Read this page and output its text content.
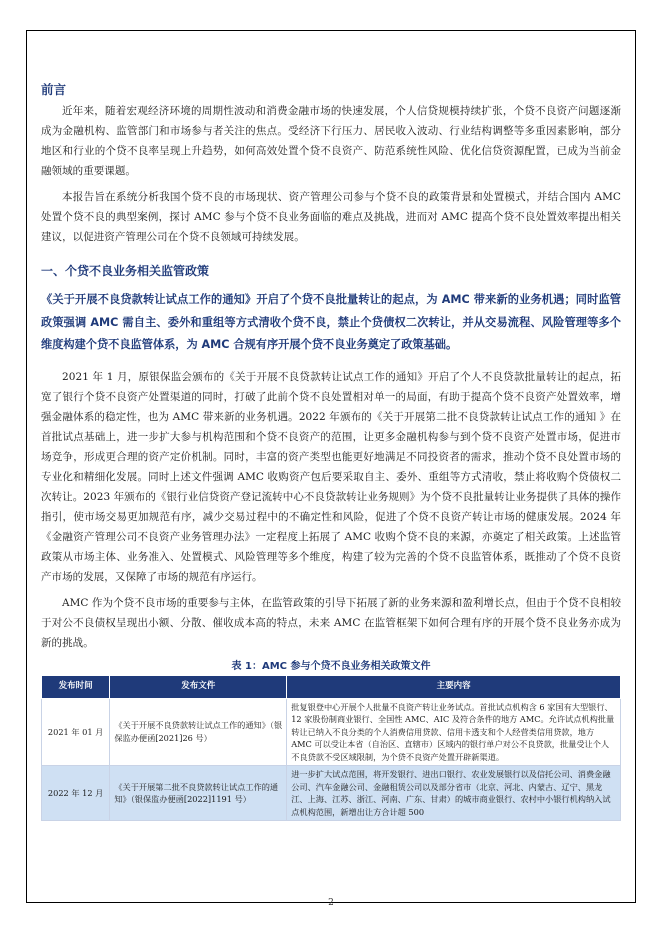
前言

近年来，随着宏观经济环境的周期性波动和消费金融市场的快速发展，个人信贷规模持续扩张，个贷不良资产问题逐渐成为金融机构、监管部门和市场参与者关注的焦点。受经济下行压力、居民收入波动、行业结构调整等多重因素影响，部分地区和行业的个贷不良率呈现上升趋势，如何高效处置个贷不良资产、防范系统性风险、优化信贷资源配置，已成为当前金融领域的重要课题。

本报告旨在系统分析我国个贷不良的市场现状、资产管理公司参与个贷不良的政策背景和处置模式，并结合国内 AMC 处置个贷不良的典型案例，探讨 AMC 参与个贷不良业务面临的难点及挑战，进而对 AMC 提高个贷不良处置效率提出相关建议，以促进资产管理公司在个贷不良领域可持续发展。

一、个贷不良业务相关监管政策
《关于开展不良贷款转让试点工作的通知》开启了个贷不良批量转让的起点，为 AMC 带来新的业务机遇；同时监管政策强调 AMC 需自主、委外和重组等方式清收个贷不良，禁止个贷债权二次转让，并从交易流程、风险管理等多个维度构建个贷不良监管体系，为 AMC 合规有序开展个贷不良业务奠定了政策基础。

2021 年 1 月，原银保监会颁布的《关于开展不良贷款转让试点工作的通知》开启了个人不良贷款批量转让的起点，拓宽了银行个贷不良资产处置渠道的同时，打破了此前个贷不良处置相对单一的局面，有助于提高个贷不良资产处置效率，增强金融体系的稳定性，也为 AMC 带来新的业务机遇。2022 年颁布的《关于开展第二批不良贷款转让试点工作的通知 》在首批试点基础上，进一步扩大参与机构范围和个贷不良资产的范围，让更多金融机构参与到个贷不良资产处置市场，促进市场竞争，形成更合理的资产定价机制。同时，丰富的资产类型也能更好地满足不同投资者的需求，推动个贷不良处置市场的专业化和精细化发展。同时上述文件强调 AMC 收购资产包后要采取自主、委外、重组等方式清收，禁止将收购个贷债权二次转让。2023 年颁布的《银行业信贷资产登记流转中心不良贷款转让业务规则》为个贷不良批量转让业务提供了具体的操作指引，使市场交易更加规范有序，减少交易过程中的不确定性和风险，促进了个贷不良资产转让市场的健康发展。2024 年《金融资产管理公司不良资产业务管理办法》一定程度上拓展了 AMC 收购个贷不良的来源，亦奠定了相关政策。上述监管政策从市场主体、业务准入、处置模式、风险管理等多个维度，构建了较为完善的个贷不良监管体系，既推动了个贷不良资产市场的发展，又保障了市场的规范有序运行。

AMC 作为个贷不良市场的重要参与主体，在监管政策的引导下拓展了新的业务来源和盈利增长点，但由于个贷不良相较于对公不良债权呈现出小额、分散、催收成本高的特点，未来 AMC 在监管框架下如何合理有序的开展个贷不良业务亦成为新的挑战。

表 1：AMC 参与个贷不良业务相关政策文件
发布时间	发布文件	主要内容
2021 年 01 月	《关于开展不良贷款转让试点工作的通知》（银保监办便函[2021]26 号）	批复银登中心开展个人批量不良资产转让业务试点。首批试点机构含 6 家国有大型银行、12 家股份制商业银行、全国性 AMC、AIC 及符合条件的地方 AMC。允许试点机构批量转让已纳入不良分类的个人消费信用贷款、信用卡透支和个人经营类信用贷款，地方 AMC 可以受让本省（自治区、直辖市）区域内的银行单户对公不良贷款，批量受让个人不良贷款不受区域限制，为个贷不良资产处置开辟新渠道。
2022 年 12 月	《关于开展第二批不良贷款转让试点工作的通知》（银保监办便函[2022]1191 号）	进一步扩大试点范围，将开发银行、进出口银行、农业发展银行以及信托公司、消费金融公司、汽车金融公司、金融租赁公司以及部分省市（北京、河北、内蒙古、辽宁、黑龙江、上海、江苏、浙江、河南、广东、甘肃）的城市商业银行、农村中小银行机构纳入试点机构范围，新增出让方合计超 500
2
